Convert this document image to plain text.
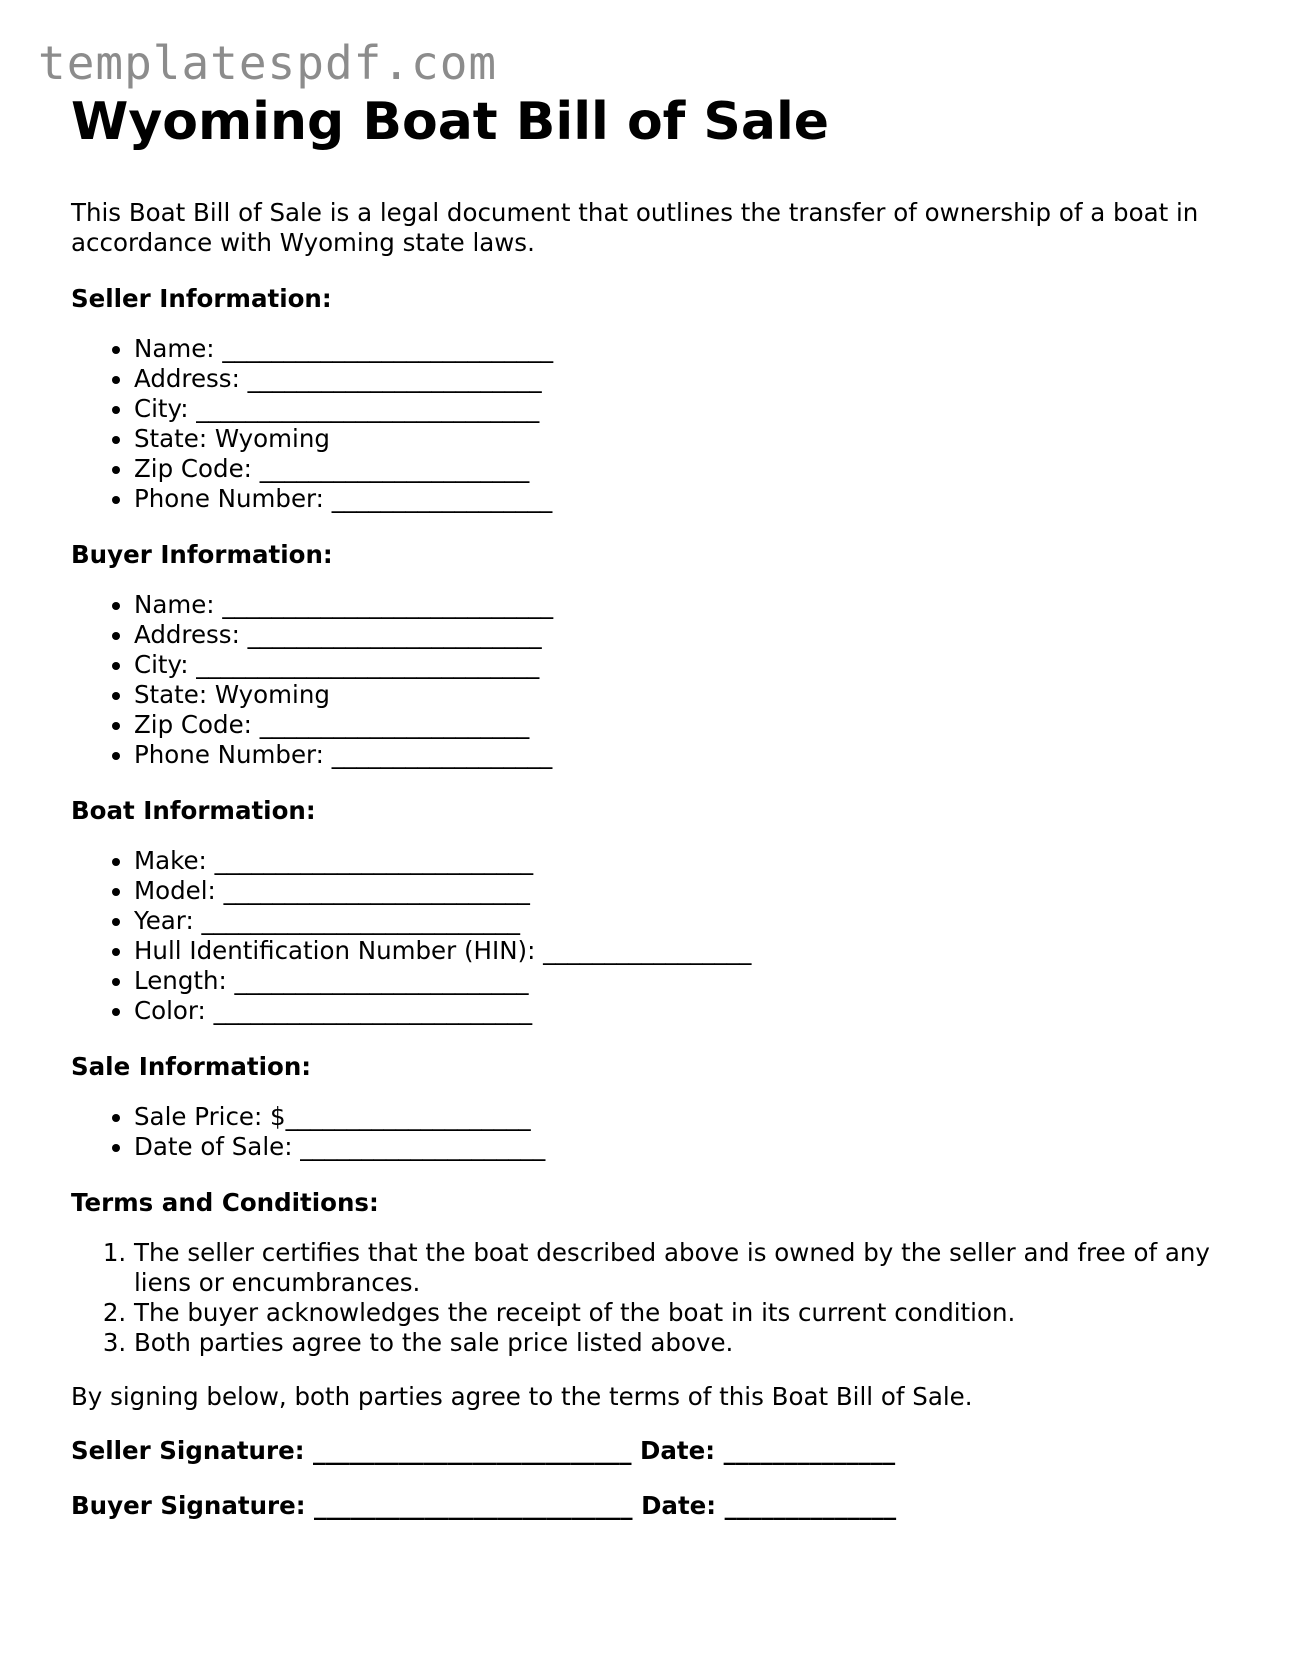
templatespdf.com
Wyoming Boat Bill of Sale

This Boat Bill of Sale is a legal document that outlines the transfer of ownership of a boat in accordance with Wyoming state laws.

Seller Information:
• Name: ___________________________
• Address: ________________________
• City: ____________________________
• State: Wyoming
• Zip Code: ______________________
• Phone Number: __________________
Buyer Information:
• Name: ___________________________
• Address: ________________________
• City: ____________________________
• State: Wyoming
• Zip Code: ______________________
• Phone Number: __________________
Boat Information:
• Make: __________________________
• Model: _________________________
• Year: __________________________
• Hull Identification Number (HIN): _________________
• Length: ________________________
• Color: __________________________
Sale Information:
• Sale Price: $____________________
• Date of Sale: ____________________
Terms and Conditions:
1. The seller certifies that the boat described above is owned by the seller and free of any liens or encumbrances.
2. The buyer acknowledges the receipt of the boat in its current condition.
3. Both parties agree to the sale price listed above.

By signing below, both parties agree to the terms of this Boat Bill of Sale.

Seller Signature: __________________________ Date: ______________
Buyer Signature: __________________________ Date: ______________
